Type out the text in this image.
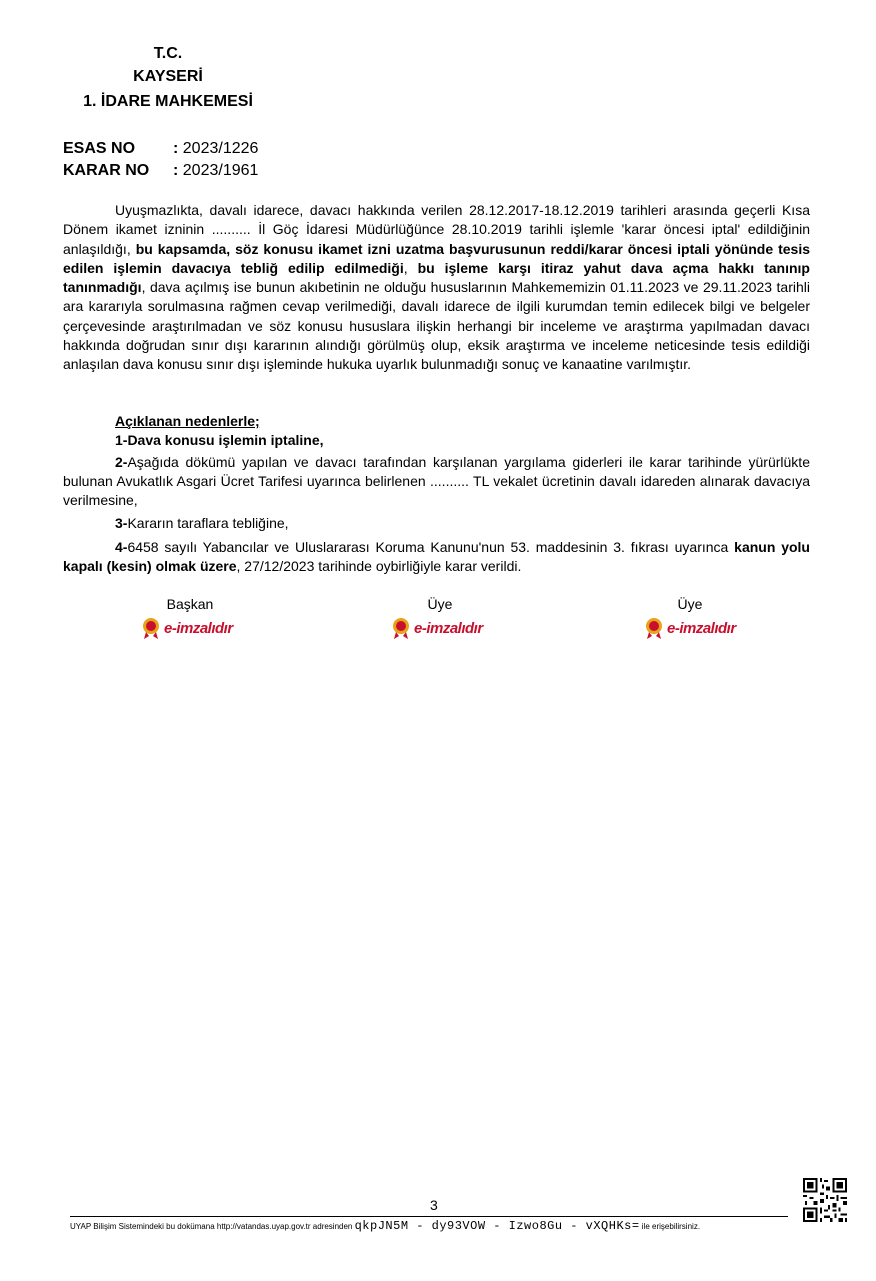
T.C.
KAYSERİ
1. İDARE MAHKEMESİ
ESAS NO : 2023/1226
KARAR NO : 2023/1961

Uyuşmazlıkta, davalı idarece, davacı hakkında verilen 28.12.2017-18.12.2019 tarihleri arasında geçerli Kısa Dönem ikamet izninin .......... İl Göç İdaresi Müdürlüğünce 28.10.2019 tarihli işlemle 'karar öncesi iptal' edildiğinin anlaşıldığı, bu kapsamda, söz konusu ikamet izni uzatma başvurusunun reddi/karar öncesi iptali yönünde tesis edilen işlemin davacıya tebliğ edilip edilmediği, bu işleme karşı itiraz yahut dava açma hakkı tanınıp tanınmadığı, dava açılmış ise bunun akıbetinin ne olduğu hususlarının Mahkememizin 01.11.2023 ve 29.11.2023 tarihli ara kararıyla sorulmasına rağmen cevap verilmediği, davalı idarece de ilgili kurumdan temin edilecek bilgi ve belgeler çerçevesinde araştırılmadan ve söz konusu hususlara ilişkin herhangi bir inceleme ve araştırma yapılmadan davacı hakkında doğrudan sınır dışı kararının alındığı görülmüş olup, eksik araştırma ve inceleme neticesinde tesis edildiği anlaşılan dava konusu sınır dışı işleminde hukuka uyarlık bulunmadığı sonuç ve kanaatine varılmıştır.

Açıklanan nedenlerle;

1-Dava konusu işlemin iptaline,

2-Aşağıda dökümü yapılan ve davacı tarafından karşılanan yargılama giderleri ile karar tarihinde yürürlükte bulunan Avukatlık Asgari Ücret Tarifesi uyarınca belirlenen .......... TL vekalet ücretinin davalı idareden alınarak davacıya verilmesine,

3-Kararın taraflara tebliğine,

4-6458 sayılı Yabancılar ve Uluslararası Koruma Kanunu'nun 53. maddesinin 3. fıkrası uyarınca kanun yolu kapalı (kesin) olmak üzere, 27/12/2023 tarihinde oybirliğiyle karar verildi.

Başkan	Üye	Üye
e-imzalıdır	e-imzalıdır	e-imzalıdır
3
UYAP Bilişim Sistemindeki bu dokümana http://vatandas.uyap.gov.tr adresinden qkpJN5M - dy93VOW - Izwo8Gu - vXQHKs= ile erişebilirsiniz.
